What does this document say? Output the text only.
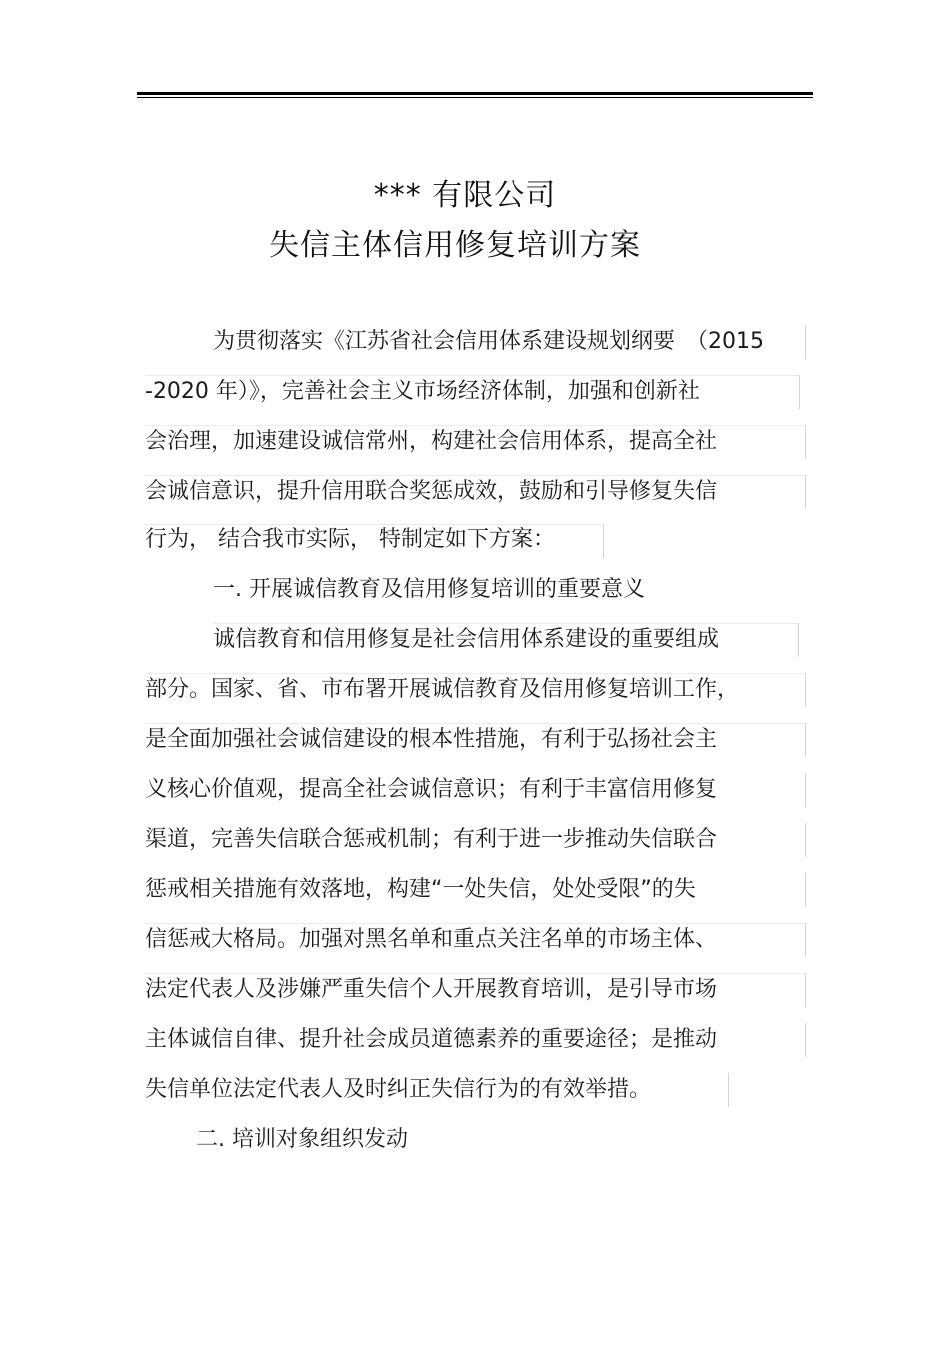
*** 有限公司
失信主体信用修复培训方案
为贯彻落实《江苏省社会信用体系建设规划纲要　（2015
-2020 年）》，完善社会主义市场经济体制，加强和创新社
会治理，加速建设诚信常州，构建社会信用体系，提高全社
会诚信意识，提升信用联合奖惩成效，鼓励和引导修复失信
行为， 结合我市实际， 特制定如下方案：
一. 开展诚信教育及信用修复培训的重要意义
诚信教育和信用修复是社会信用体系建设的重要组成
部分。国家、省、市布署开展诚信教育及信用修复培训工作，
是全面加强社会诚信建设的根本性措施，有利于弘扬社会主
义核心价值观，提高全社会诚信意识；有利于丰富信用修复
渠道，完善失信联合惩戒机制；有利于进一步推动失信联合
惩戒相关措施有效落地，构建“一处失信，处处受限”的失
信惩戒大格局。加强对黑名单和重点关注名单的市场主体、
法定代表人及涉嫌严重失信个人开展教育培训，是引导市场
主体诚信自律、提升社会成员道德素养的重要途径；是推动
失信单位法定代表人及时纠正失信行为的有效举措。
二. 培训对象组织发动
